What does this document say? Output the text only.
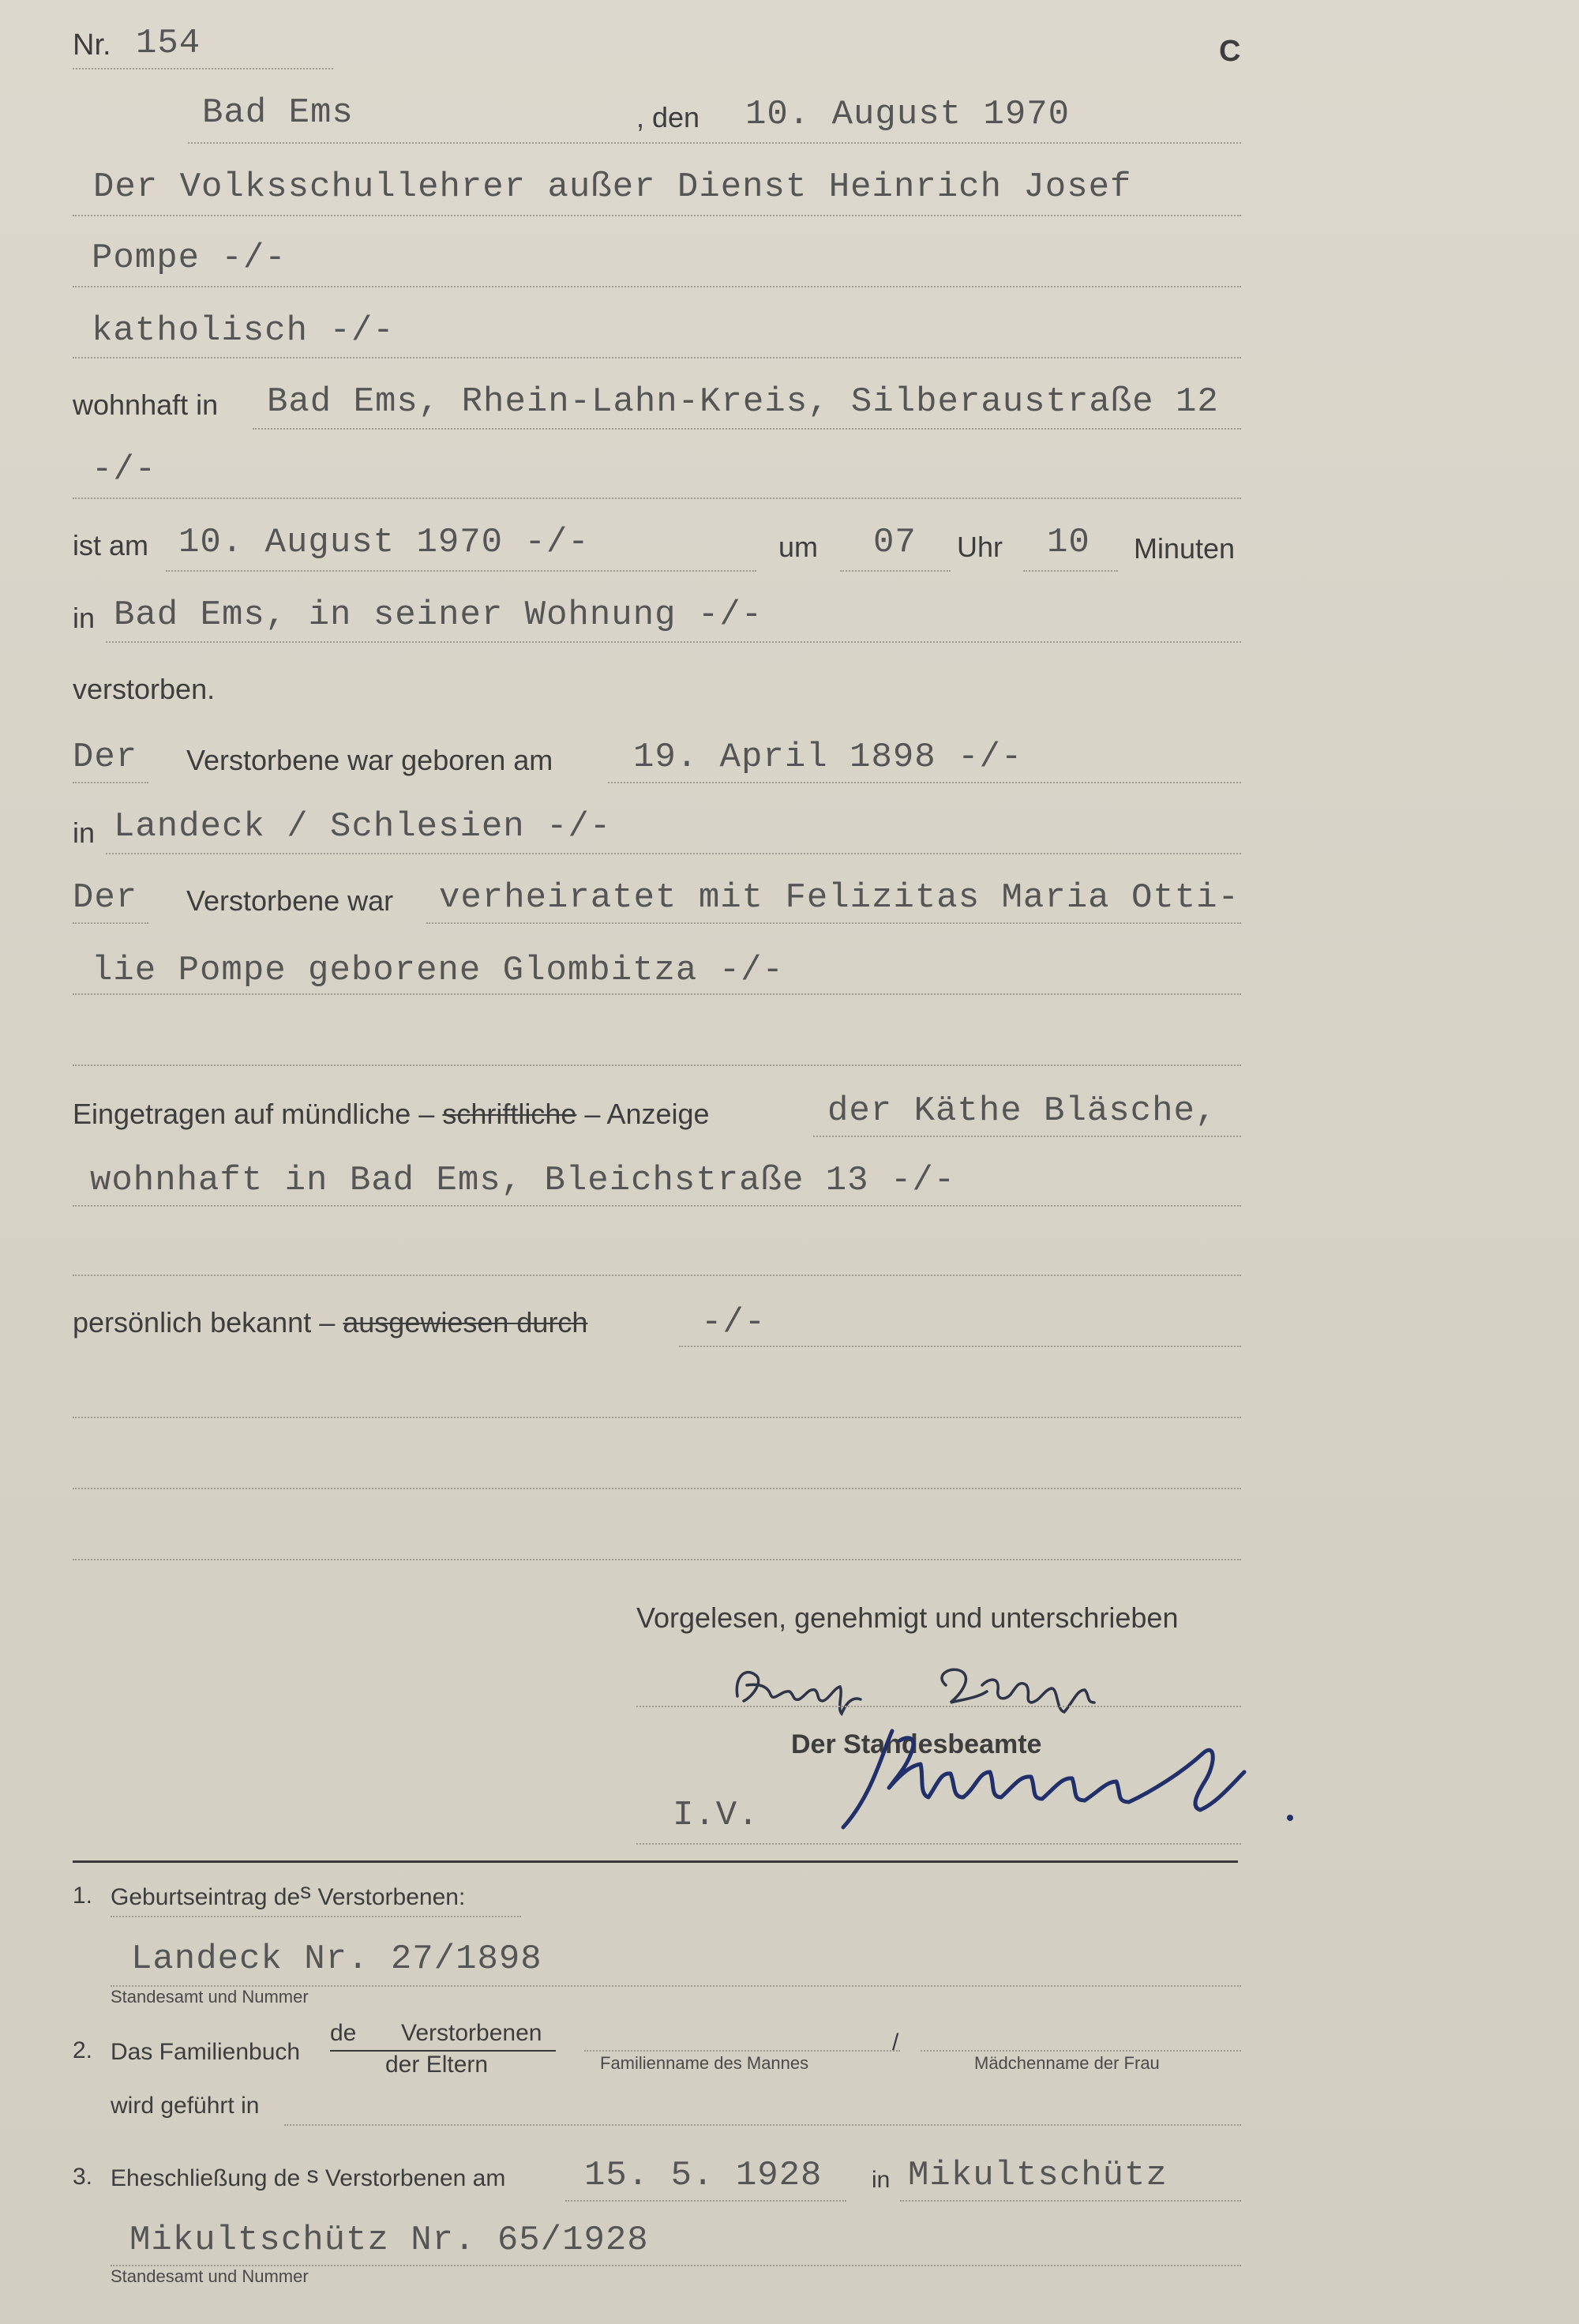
Nr. 154	C
Bad Ems	, den 10. August 1970
Der Volksschullehrer außer Dienst Heinrich Josef
Pompe -/-
katholisch -/-
wohnhaft in Bad Ems, Rhein-Lahn-Kreis, Silberaustraße 12
-/-
ist am 10. August 1970 -/-	um 07 Uhr 10 Minuten
in Bad Ems, in seiner Wohnung -/-
verstorben.
Der Verstorbene war geboren am 19. April 1898 -/-
in Landeck / Schlesien -/-
Der Verstorbene war verheiratet mit Felizitas Maria Otti-
lie Pompe geborene Glombitza -/-
Eingetragen auf mündliche – schriftliche – Anzeige	der Käthe Bläsche,
wohnhaft in Bad Ems, Bleichstraße 13 -/-
persönlich bekannt – ausgewiesen durch	-/-
Vorgelesen, genehmigt und unterschrieben
Der Standesbeamte
I.V.
1. Geburtseintrag des Verstorbenen:
Landeck Nr. 27/1898
Standesamt und Nummer
2. Das Familienbuch
de Verstorbenen
der Eltern	Familienname des Mannes
/
Mädchenname der Frau
wird geführt in
3. Eheschließung de s Verstorbenen am 15. 5. 1928 in Mikultschütz
Mikultschütz Nr. 65/1928
Standesamt und Nummer
